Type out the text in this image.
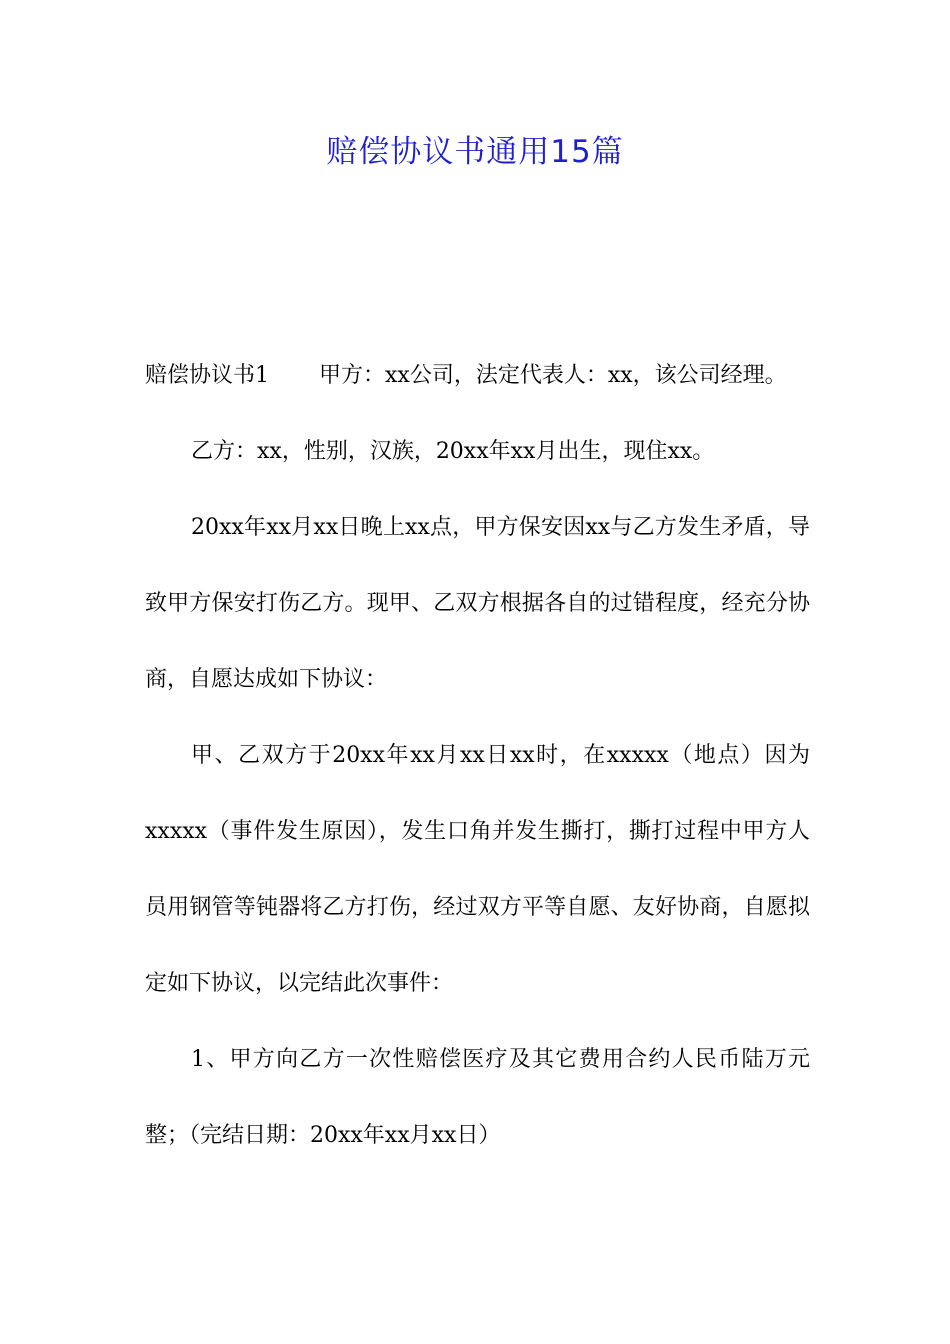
赔偿协议书通用15篇

赔偿协议书1 甲方：xx公司，法定代表人：xx，该公司经理。

乙方：xx，性别，汉族，20xx年xx月出生，现住xx。

20xx年xx月xx日晚上xx点，甲方保安因xx与乙方发生矛盾，导致甲方保安打伤乙方。现甲、乙双方根据各自的过错程度，经充分协商，自愿达成如下协议：

甲、乙双方于20xx年xx月xx日xx时，在xxxxx（地点）因为xxxxx（事件发生原因），发生口角并发生撕打，撕打过程中甲方人员用钢管等钝器将乙方打伤，经过双方平等自愿、友好协商，自愿拟定如下协议，以完结此次事件：

1、甲方向乙方一次性赔偿医疗及其它费用合约人民币陆万元整；（完结日期：20xx年xx月xx日）
